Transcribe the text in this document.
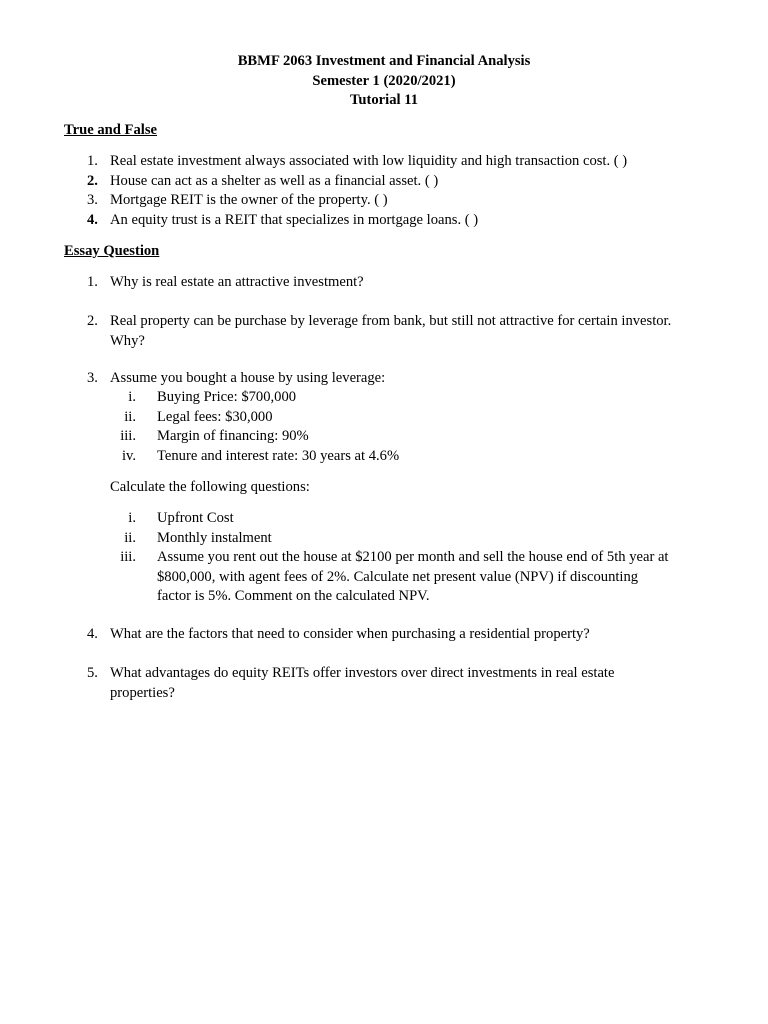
BBMF 2063 Investment and Financial Analysis
Semester 1 (2020/2021)
Tutorial 11
True and False
1. Real estate investment always associated with low liquidity and high transaction cost. ( )
2. House can act as a shelter as well as a financial asset. ( )
3. Mortgage REIT is the owner of the property. ( )
4. An equity trust is a REIT that specializes in mortgage loans. ( )
Essay Question
1. Why is real estate an attractive investment?
2. Real property can be purchase by leverage from bank, but still not attractive for certain investor.
Why?
3. Assume you bought a house by using leverage:
i. Buying Price: $700,000
ii. Legal fees: $30,000
iii. Margin of financing: 90%
iv. Tenure and interest rate: 30 years at 4.6%
Calculate the following questions:
i. Upfront Cost
ii. Monthly instalment
iii. Assume you rent out the house at $2100 per month and sell the house end of 5th year at
$800,000, with agent fees of 2%. Calculate net present value (NPV) if discounting
factor is 5%. Comment on the calculated NPV.
4. What are the factors that need to consider when purchasing a residential property?
5. What advantages do equity REITs offer investors over direct investments in real estate
properties?
